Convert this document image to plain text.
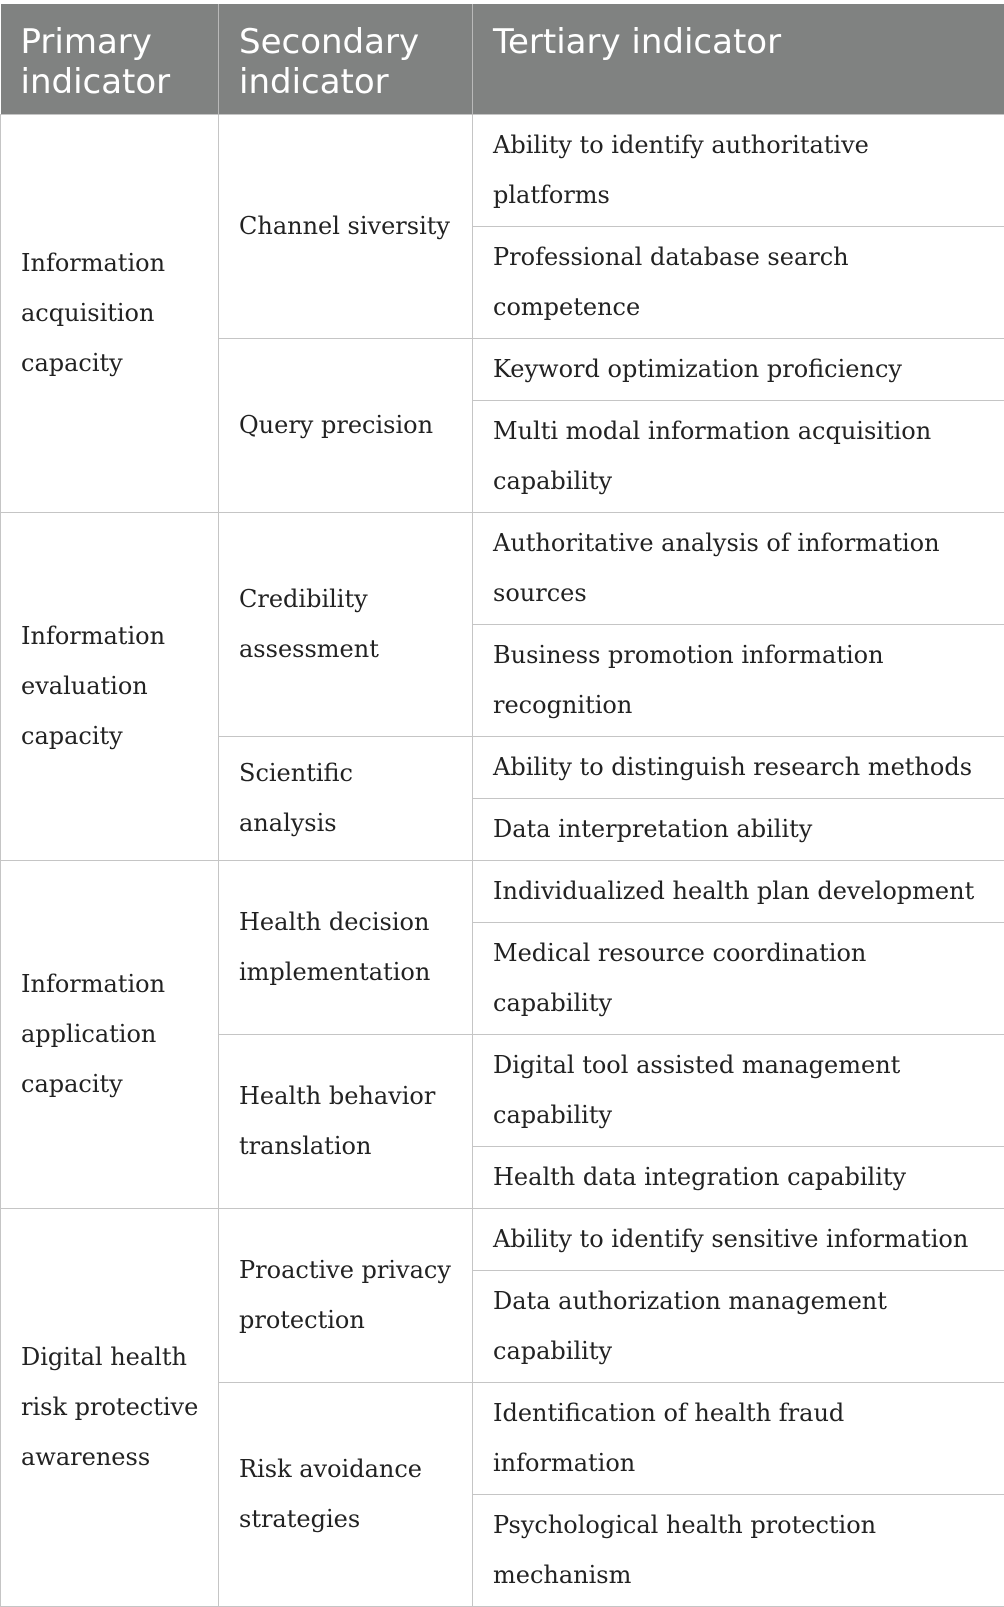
Primary indicator	Secondary indicator	Tertiary indicator
Information acquisition capacity	Channel siversity	Ability to identify authoritative platforms
		Professional database search competence
	Query precision	Keyword optimization proficiency
		Multi modal information acquisition capability
Information evaluation capacity	Credibility assessment	Authoritative analysis of information sources
		Business promotion information recognition
	Scientific analysis	Ability to distinguish research methods
		Data interpretation ability
Information application capacity	Health decision implementation	Individualized health plan development
		Medical resource coordination capability
	Health behavior translation	Digital tool assisted management capability
		Health data integration capability
Digital health risk protective awareness	Proactive privacy protection	Ability to identify sensitive information
		Data authorization management capability
	Risk avoidance strategies	Identification of health fraud information
		Psychological health protection mechanism
